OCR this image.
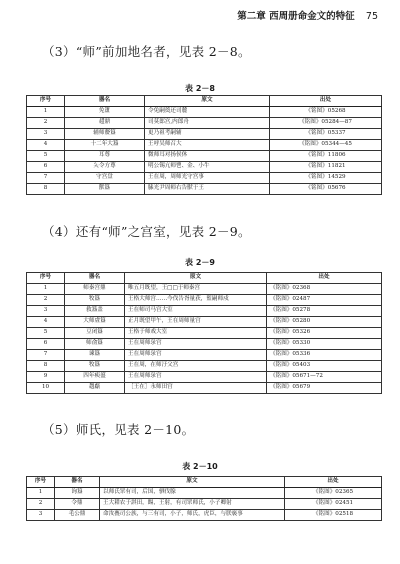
第二章 西周册命金文的特征 75
（3）“师”前加地名者，见表 2－8。
表 2－8
序号	器名	原文	出处
1	免簠	令免嗣奠还司麓	《铭图》05268
2	趞鼎	司莫郎宫,内郎舟	《铭图》05284—87
3	辅师嫠簋	更乃祖考嗣辅	《铭图》05337
4	十二年大簋	王呼吴师召大	《铭图》05344—45
5	耳尊	微师耳对扬侯休	《铭图》11806
6	夨令方尊	明公锡亢师鬯、金、小牛	《铭图》11821
7	守宫盘	王在周，周师光守宫事	《铭图》14529
8	獸簋	膆光尹周师右告獸于王	《铭图》05676
（4）还有“师”之宫室，见表 2－9。
表 2－9
序号	器名	原文	出处
1	师秦宫鼎	唯五月既望，王□□于师秦宫	《铭图》02368
2	牧簋	王格大师宫……今伐告胥量获，監嗣师戍	《铭图》02487
3	救簋盖	王在师司马宫大室	《铭图》05278
4	大师虘簋	正月既望甲午，王在周师量宫	《铭图》05280
5	豆闭簋	王格于师戏大室	《铭图》05326
6	师俞簋	王在周师彔宫	《铭图》05330
7	谏簋	王在周师彔宫	《铭图》05336
8	牧簋	王在周，在师汙父宫	《铭图》05403
9	四年瘐盨	王在周师彔宫	《铭图》05671—72
10	趩甗	［王在］永师田宫	《铭图》05679
（5）师氏，见表 2－10。
表 2－10
序号	器名	原文	出处
1	询簋	以师氏眔有司，后国，驷伐腺	《铭图》02365
2	令鼎	王大耤农于諆田，餳，王射，有司眔师氏，小子卿射	《铭图》02451
3	毛公鼎	命汝亹司公族，与三有司，小子，师氏，虎臣，与朕亵事	《铭图》02518
